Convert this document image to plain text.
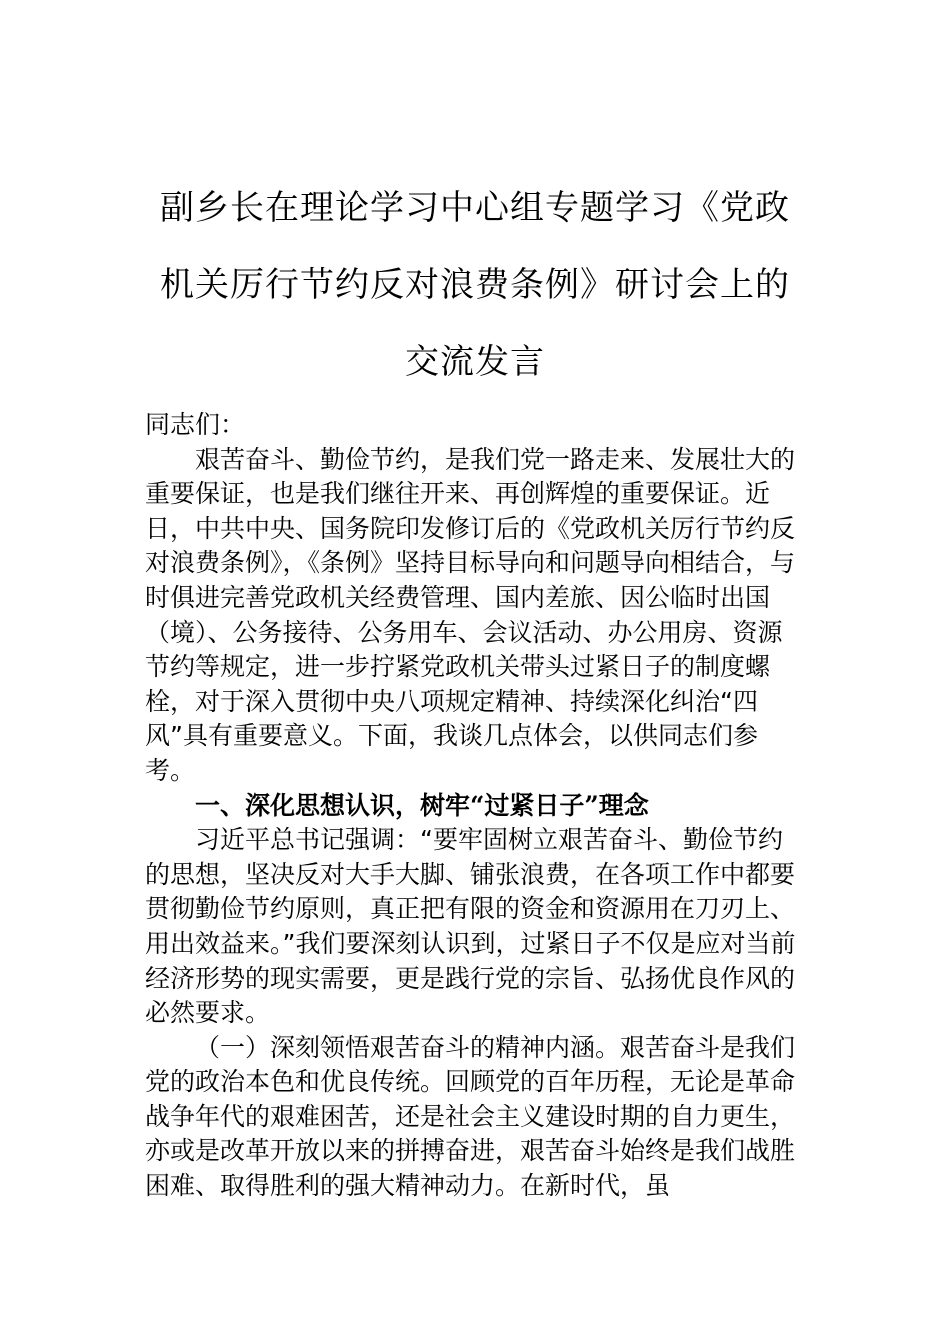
副乡长在理论学习中心组专题学习《党政
机关厉行节约反对浪费条例》研讨会上的
交流发言

同志们：

艰苦奋斗、勤俭节约，是我们党一路走来、发展壮大的重要保证，也是我们继往开来、再创辉煌的重要保证。近日，中共中央、国务院印发修订后的《党政机关厉行节约反对浪费条例》，《条例》坚持目标导向和问题导向相结合，与时俱进完善党政机关经费管理、国内差旅、因公临时出国（境）、公务接待、公务用车、会议活动、办公用房、资源节约等规定，进一步拧紧党政机关带头过紧日子的制度螺栓，对于深入贯彻中央八项规定精神、持续深化纠治“四风”具有重要意义。下面，我谈几点体会，以供同志们参考。

一、深化思想认识，树牢“过紧日子”理念

习近平总书记强调：“要牢固树立艰苦奋斗、勤俭节约的思想，坚决反对大手大脚、铺张浪费，在各项工作中都要贯彻勤俭节约原则，真正把有限的资金和资源用在刀刃上、用出效益来。”我们要深刻认识到，过紧日子不仅是应对当前经济形势的现实需要，更是践行党的宗旨、弘扬优良作风的必然要求。

（一）深刻领悟艰苦奋斗的精神内涵。艰苦奋斗是我们党的政治本色和优良传统。回顾党的百年历程，无论是革命战争年代的艰难困苦，还是社会主义建设时期的自力更生，亦或是改革开放以来的拼搏奋进，艰苦奋斗始终是我们战胜困难、取得胜利的强大精神动力。在新时代，虽
